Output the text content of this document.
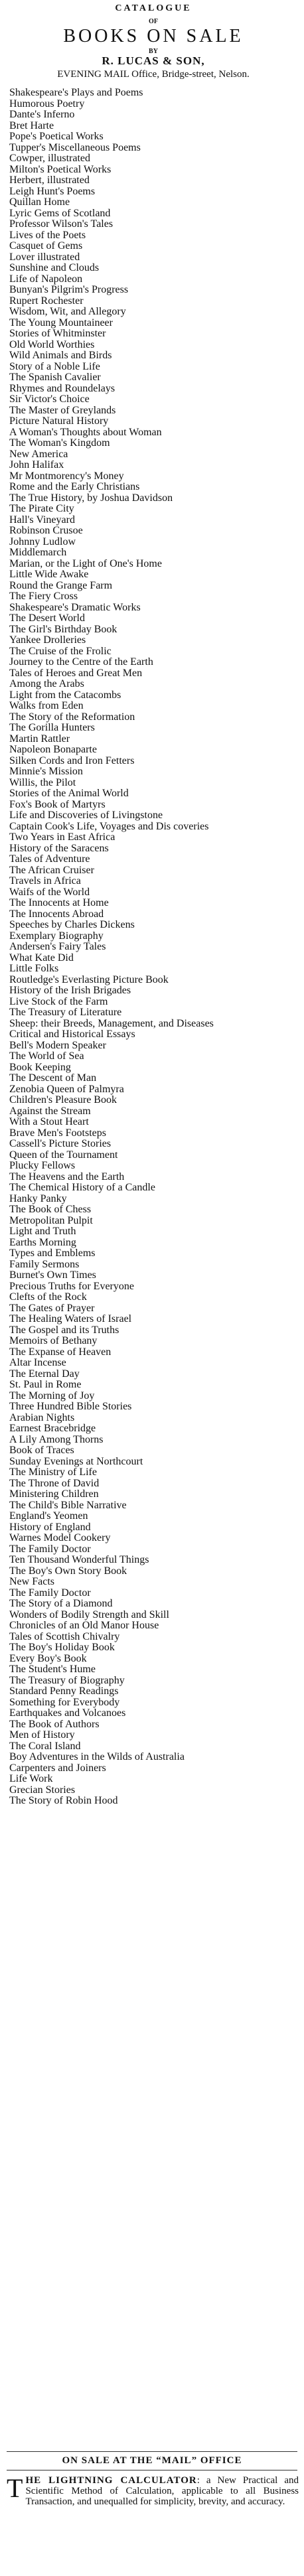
CATALOGUE
OF
BOOKS ON SALE
BY
R. LUCAS & SON,
EVENING MAIL Office, Bridge-street, Nelson.
Shakespeare's Plays and Poems
Humorous Poetry
Dante's Inferno
Bret Harte
Pope's Poetical Works
Tupper's Miscellaneous Poems
Cowper, illustrated
Milton's Poetical Works
Herbert, illustrated
Leigh Hunt's Poems
Quillan Home
Lyric Gems of Scotland
Professor Wilson's Tales
Lives of the Poets
Casquet of Gems
Lover illustrated
Sunshine and Clouds
Life of Napoleon
Bunyan's Pilgrim's Progress
Rupert Rochester
Wisdom, Wit, and Allegory
The Young Mountaineer
Stories of Whitminster
Old World Worthies
Wild Animals and Birds
Story of a Noble Life
The Spanish Cavalier
Rhymes and Roundelays
Sir Victor's Choice
The Master of Greylands
Picture Natural History
A Woman's Thoughts about Woman
The Woman's Kingdom
New America
John Halifax
Mr Montmorency's Money
Rome and the Early Christians
The True History, by Joshua Davidson
The Pirate City
Hall's Vineyard
Robinson Crusoe
Johnny Ludlow
Middlemarch
Marian, or the Light of One's Home
Little Wide Awake
Round the Grange Farm
The Fiery Cross
Shakespeare's Dramatic Works
The Desert World
The Girl's Birthday Book
Yankee Drolleries
The Cruise of the Frolic
Journey to the Centre of the Earth
Tales of Heroes and Great Men
Among the Arabs
Light from the Catacombs
Walks from Eden
The Story of the Reformation
The Gorilla Hunters
Martin Rattler
Napoleon Bonaparte
Silken Cords and Iron Fetters
Minnie's Mission
Willis, the Pilot
Stories of the Animal World
Fox's Book of Martyrs
Life and Discoveries of Livingstone
Captain Cook's Life, Voyages and Dis coveries
Two Years in East Africa
History of the Saracens
Tales of Adventure
The African Cruiser
Travels in Africa
Waifs of the World
The Innocents at Home
The Innocents Abroad
Speeches by Charles Dickens
Exemplary Biography
Andersen's Fairy Tales
What Kate Did
Little Folks
Routledge's Everlasting Picture Book
History of the Irish Brigades
Live Stock of the Farm
The Treasury of Literature
Sheep: their Breeds, Management, and Diseases
Critical and Historical Essays
Bell's Modern Speaker
The World of Sea
Book Keeping
The Descent of Man
Zenobia Queen of Palmyra
Children's Pleasure Book
Against the Stream
With a Stout Heart
Brave Men's Footsteps
Cassell's Picture Stories
Queen of the Tournament
Plucky Fellows
The Heavens and the Earth
The Chemical History of a Candle
Hanky Panky
The Book of Chess
Metropolitan Pulpit
Light and Truth
Earths Morning
Types and Emblems
Family Sermons
Burnet's Own Times
Precious Truths for Everyone
Clefts of the Rock
The Gates of Prayer
The Healing Waters of Israel
The Gospel and its Truths
Memoirs of Bethany
The Expanse of Heaven
Altar Incense
The Eternal Day
St. Paul in Rome
The Morning of Joy
Three Hundred Bible Stories
Arabian Nights
Earnest Bracebridge
A Lily Among Thorns
Book of Traces
Sunday Evenings at Northcourt
The Ministry of Life
The Throne of David
Ministering Children
The Child's Bible Narrative
England's Yeomen
History of England
Warnes Model Cookery
The Family Doctor
Ten Thousand Wonderful Things
The Boy's Own Story Book
New Facts
The Family Doctor
The Story of a Diamond
Wonders of Bodily Strength and Skill
Chronicles of an Old Manor House
Tales of Scottish Chivalry
The Boy's Holiday Book
Every Boy's Book
The Student's Hume
The Treasury of Biography
Standard Penny Readings
Something for Everybody
Earthquakes and Volcanoes
The Book of Authors
Men of History
The Coral Island
Boy Adventures in the Wilds of Australia
Carpenters and Joiners
Life Work
Grecian Stories
The Story of Robin Hood
ON SALE AT THE “MAIL” OFFICE
T HE LIGHTNING CALCULATOR: a New Practical and Scientific Method of Calculation, applicable to all Business Transaction, and unequalled for simplicity, brevity, and accuracy.
